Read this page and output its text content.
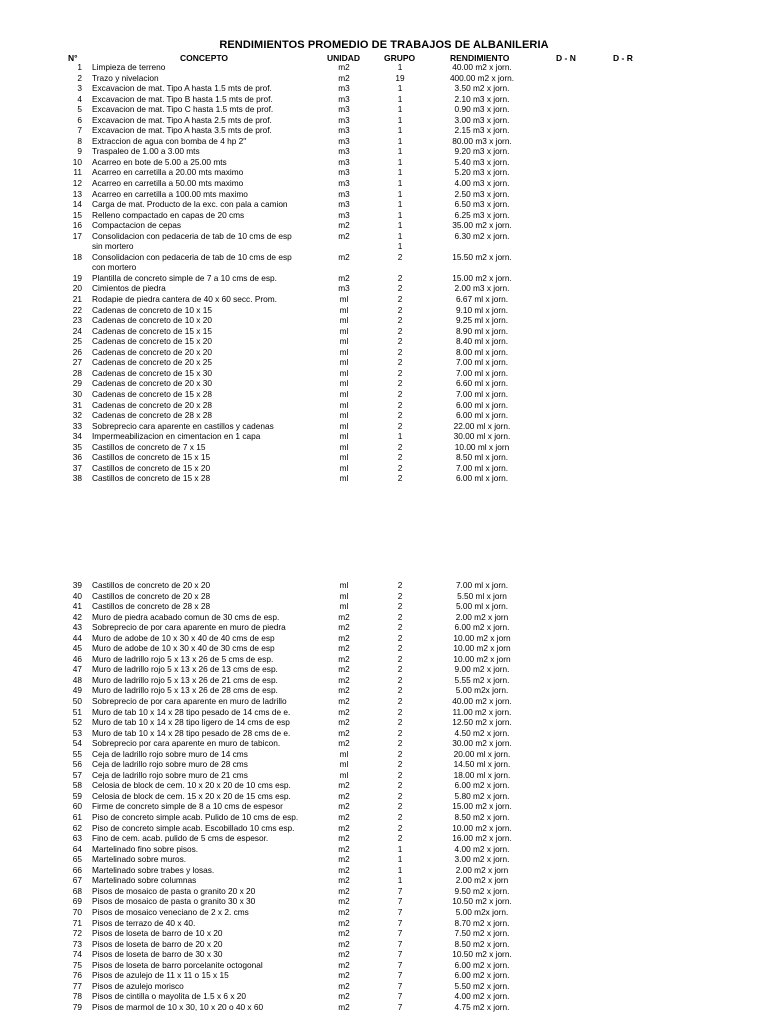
RENDIMIENTOS PROMEDIO DE TRABAJOS DE ALBANILERIA
N°	CONCEPTO	UNIDAD	GRUPO	RENDIMIENTO	D - N	D - R
1 Limpieza de terreno	m2	1	40.00 m2 x jorn.
2 Trazo y nivelacion	m2	19	400.00 m2 x jorn.
3 Excavacion de mat. Tipo A hasta 1.5 mts de prof.	m3	1	3.50 m2 x jorn.
4 Excavacion de mat. Tipo B hasta 1.5 mts de prof.	m3	1	2.10 m3 x jorn.
5 Excavacion de mat. Tipo C hasta 1.5 mts de prof.	m3	1	0.90 m3 x jorn.
6 Excavacion de mat. Tipo A hasta 2.5 mts de prof.	m3	1	3.00 m3 x jorn.
7 Excavacion de mat. Tipo A hasta 3.5 mts de prof.	m3	1	2.15 m3 x jorn.
8 Extraccion de agua con bomba de 4 hp 2"	m3	1	80.00 m3 x jorn.
9 Traspaleo de 1.00 a 3.00 mts	m3	1	9.20 m3 x jorn.
10 Acarreo en bote de 5.00 a 25.00 mts	m3	1	5.40 m3 x jorn.
11 Acarreo en carretilla a 20.00 mts maximo	m3	1	5.20 m3 x jorn.
12 Acarreo en carretilla a 50.00 mts maximo	m3	1	4.00 m3 x jorn.
13 Acarreo en carretilla a 100.00 mts maximo	m3	1	2.50 m3 x jorn.
14 Carga de mat. Producto de la exc. con pala a camion	m3	1	6.50 m3 x jorn.
15 Relleno compactado en capas de 20 cms	m3	1	6.25 m3 x jorn.
16 Compactacion de cepas	m2	1	35.00 m2 x jorn.
17 Consolidacion con pedaceria de tab de 10 cms de esp	m2	1	6.30 m2 x jorn.
sin mortero	1
18 Consolidacion con pedaceria de tab de 10 cms de esp	m2	2	15.50 m2 x jorn.
con mortero
19 Plantilla de concreto simple de 7 a 10 cms de esp.	m2	2	15.00 m2 x jorn.
20 Cimientos de piedra	m3	2	2.00 m3 x jorn.
21 Rodapie de piedra cantera de 40 x 60 secc. Prom.	ml	2	6.67 ml x jorn.
22 Cadenas de concreto de 10 x 15	ml	2	9.10 ml x jorn.
23 Cadenas de concreto de 10 x 20	ml	2	9.25 ml x jorn.
24 Cadenas de concreto de 15 x 15	ml	2	8.90 ml x jorn.
25 Cadenas de concreto de 15 x 20	ml	2	8.40 ml x jorn.
26 Cadenas de concreto de 20 x 20	ml	2	8.00 ml x jorn.
27 Cadenas de concreto de 20 x 25	ml	2	7.00 ml x jorn.
28 Cadenas de concreto de 15 x 30	ml	2	7.00 ml x jorn.
29 Cadenas de concreto de 20 x 30	ml	2	6.60 ml x jorn.
30 Cadenas de concreto de 15 x 28	ml	2	7.00 ml x jorn.
31 Cadenas de concreto de 20 x 28	ml	2	6.00 ml x jorn.
32 Cadenas de concreto de 28 x 28	ml	2	6.00 ml x jorn.
33 Sobreprecio cara aparente en castillos y cadenas	ml	2	22.00 ml x jorn.
34 Impermeabilizacion en cimentacion en 1 capa	ml	1	30.00 ml x jorn.
35 Castillos de concreto de 7 x 15	ml	2	10.00 ml x jorn
36 Castillos de concreto de 15 x 15	ml	2	8.50 ml x jorn.
37 Castillos de concreto de 15 x 20	ml	2	7.00 ml x jorn.
38 Castillos de concreto de 15 x 28	ml	2	6.00 ml x jorn.
39 Castillos de concreto de 20 x 20	ml	2	7.00 ml x jorn.
40 Castillos de concreto de 20 x 28	ml	2	5.50 ml x jorn
41 Castillos de concreto de 28 x 28	ml	2	5.00 ml x jorn.
42 Muro de piedra acabado comun de 30 cms de esp.	m2	2	2.00 m2 x jorn
43 Sobreprecio de por cara aparente en muro de piedra	m2	2	6.00 m2 x jorn.
44 Muro de adobe de 10 x 30 x 40 de 40 cms de esp	m2	2	10.00 m2 x jorn
45 Muro de adobe de 10 x 30 x 40 de 30 cms de esp	m2	2	10.00 m2 x jorn
46 Muro de ladrillo rojo 5 x 13 x 26 de 5 cms de esp.	m2	2	10.00 m2 x jorn
47 Muro de ladrillo rojo 5 x 13 x 26 de 13 cms de esp.	m2	2	9.00 m2 x jorn.
48 Muro de ladrillo rojo 5 x 13 x 26 de 21 cms de esp.	m2	2	5.55 m2 x jorn.
49 Muro de ladrillo rojo 5 x 13 x 26 de 28 cms de esp.	m2	2	5.00 m2x jorn.
50 Sobreprecio de por cara aparente en muro de ladrillo	m2	2	40.00 m2 x jorn.
51 Muro de tab 10 x 14 x 28 tipo pesado de 14 cms de e.	m2	2	11.00 m2 x jorn.
52 Muro de tab 10 x 14 x 28 tipo ligero de 14 cms de esp	m2	2	12.50 m2 x jorn.
53 Muro de tab 10 x 14 x 28 tipo pesado de 28 cms de e.	m2	2	4.50 m2 x jorn.
54 Sobreprecio por cara aparente en muro de tabicon.	m2	2	30.00 m2 x jorn.
55 Ceja de ladrillo rojo sobre muro de 14 cms	ml	2	20.00 ml x jorn.
56 Ceja de ladrillo rojo sobre muro de 28 cms	ml	2	14.50 ml x jorn.
57 Ceja de ladrillo rojo sobre muro de 21 cms	ml	2	18.00 ml x jorn.
58 Celosia de block de cem. 10 x 20 x 20 de 10 cms esp.	m2	2	6.00 m2 x jorn.
59 Celosia de block de cem. 15 x 20 x 20 de 15 cms esp.	m2	2	5.80 m2 x jorn.
60 Firme de concreto simple de 8 a 10 cms de espesor	m2	2	15.00 m2 x jorn.
61 Piso de concreto simple acab. Pulido de 10 cms de esp.	m2	2	8.50 m2 x jorn.
62 Piso de concreto simple acab. Escobillado 10 cms esp.	m2	2	10.00 m2 x jorn.
63 Fino de cem. acab. pulido de 5 cms de espesor.	m2	2	16.00 m2 x jorn.
64 Martelinado fino sobre pisos.	m2	1	4.00 m2 x jorn.
65 Martelinado sobre muros.	m2	1	3.00 m2 x jorn.
66 Martelinado sobre trabes y losas.	m2	1	2.00 m2 x jorn
67 Martelinado sobre columnas	m2	1	2.00 m2 x jorn
68 Pisos de mosaico de pasta o granito 20 x 20	m2	7	9.50 m2 x jorn.
69 Pisos de mosaico de pasta o granito 30 x 30	m2	7	10.50 m2 x jorn.
70 Pisos de mosaico veneciano de 2 x 2. cms	m2	7	5.00 m2x jorn.
71 Pisos de terrazo de 40 x 40.	m2	7	8.70 m2 x jorn.
72 Pisos de loseta de barro de 10 x 20	m2	7	7.50 m2 x jorn.
73 Pisos de loseta de barro de 20 x 20	m2	7	8.50 m2 x jorn.
74 Pisos de loseta de barro de 30 x 30	m2	7	10.50 m2 x jorn.
75 Pisos de loseta de barro porcelanite octogonal	m2	7	6.00 m2 x jorn.
76 Pisos de azulejo de 11 x 11 o 15 x 15	m2	7	6.00 m2 x jorn.
77 Pisos de azulejo morisco	m2	7	5.50 m2 x jorn.
78 Pisos de cintilla o mayolita de 1.5 x 6 x 20	m2	7	4.00 m2 x jorn.
79 Pisos de marmol de 10 x 30, 10 x 20 o 40 x 60	m2	7	4.75 m2 x jorn.
